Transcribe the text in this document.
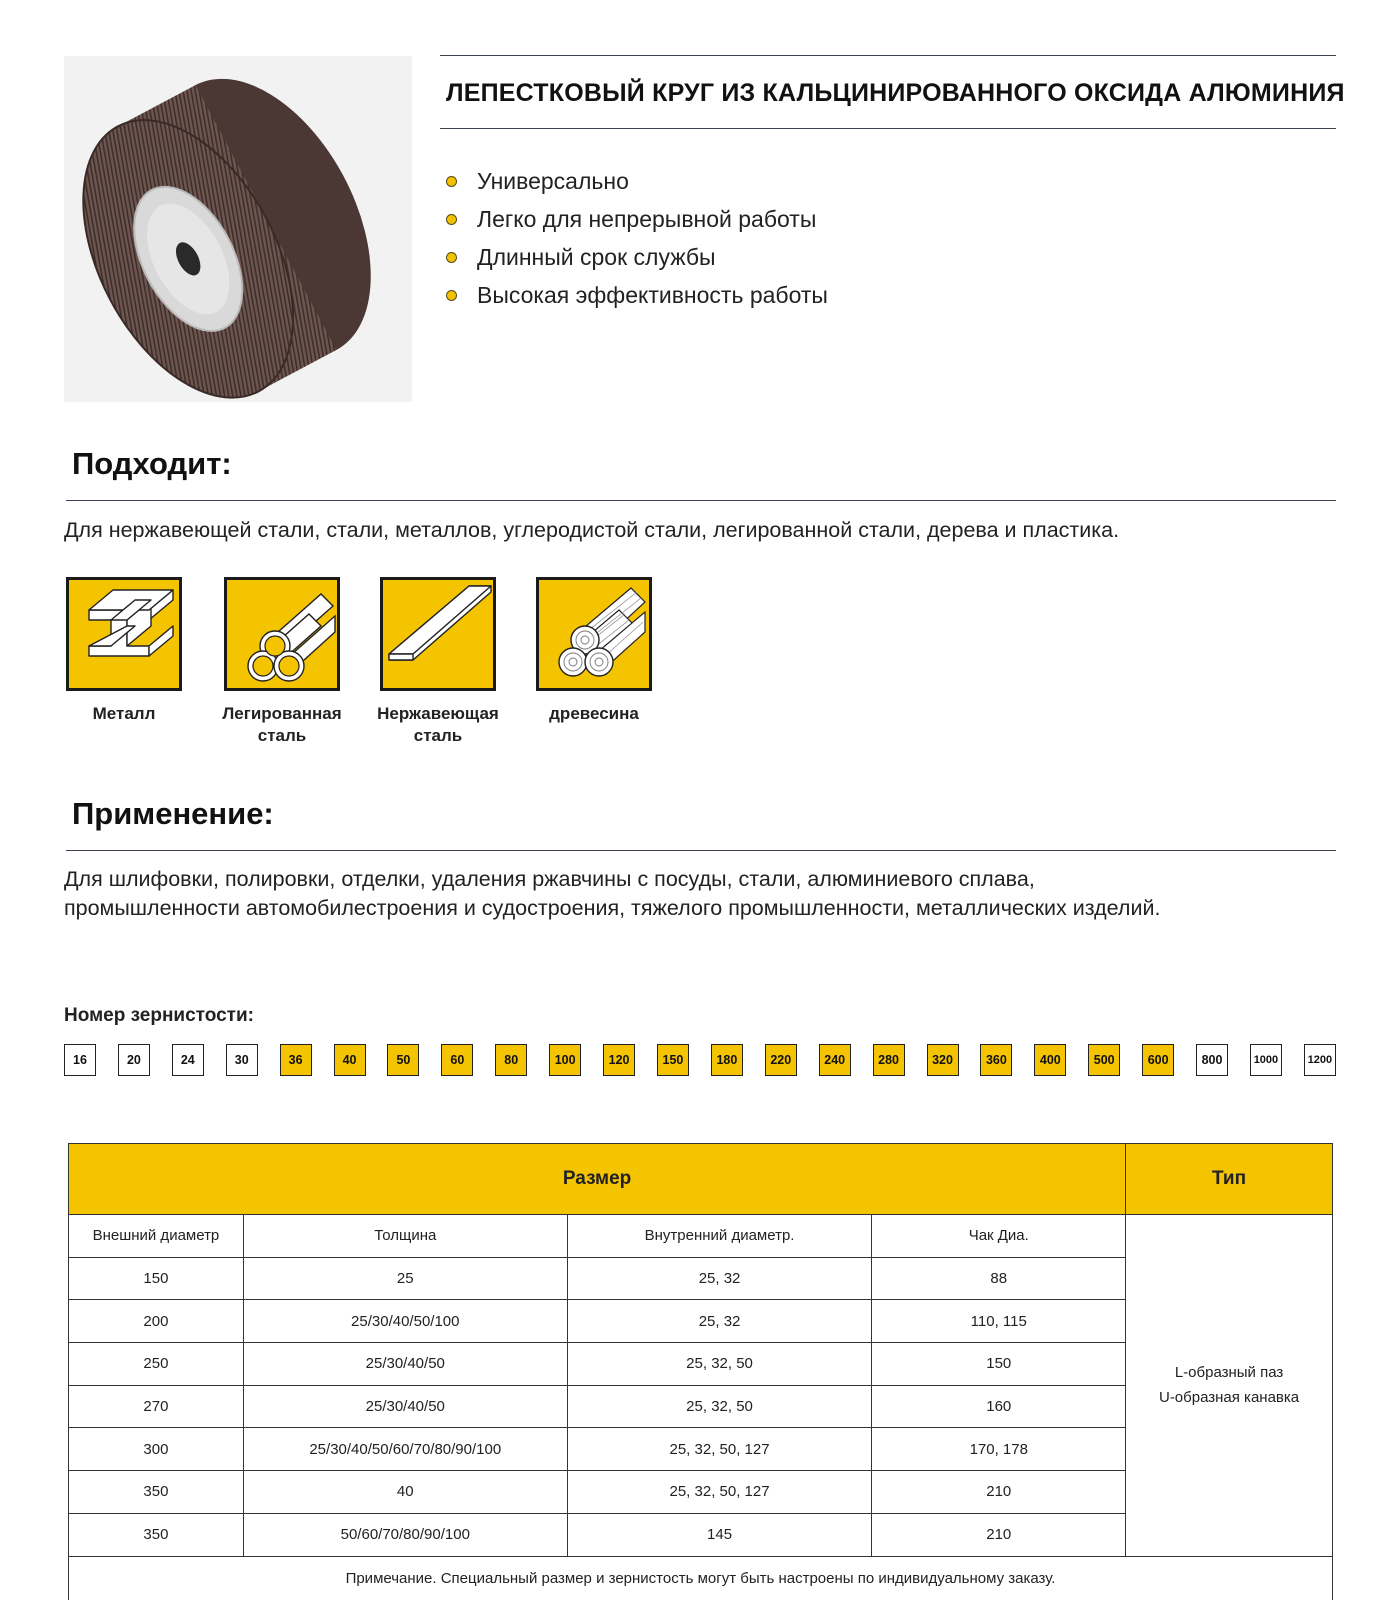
ЛЕПЕСТКОВЫЙ КРУГ ИЗ КАЛЬЦИНИРОВАННОГО ОКСИДА АЛЮМИНИЯ
Универсально
Легко для непрерывной работы
Длинный срок службы
Высокая эффективность работы
Подходит:
Для нержавеющей стали, стали, металлов, углеродистой стали, легированной стали, дерева и пластика.
Металл	Легированная
сталь
Нержавеющая
сталь
древесина

Применение:
Для шлифовки, полировки, отделки, удаления ржавчины с посуды, стали, алюминиевого сплава,
промышленности автомобилестроения и судостроения, тяжелого промышленности, металлических изделий.
Номер зернистости:
16	20	24	30	36	40	50	60	80	100	120	150	180	220	240	280	320	360	400	500	600	800	1000	1200
Размер				Тип
Внешний диаметр	Толщина	Внутренний диаметр.	Чак Диа.	L-образный паз
U-образная канавка

150	25	25, 32	88	
200	25/30/40/50/100	25, 32	110, 115	
250	25/30/40/50	25, 32, 50	150	
270	25/30/40/50	25, 32, 50	160	
300	25/30/40/50/60/70/80/90/100	25, 32, 50, 127	170, 178	
350	40	25, 32, 50, 127	210	
350	50/60/70/80/90/100	145	210	
Примечание. Специальный размер и зернистость могут быть настроены по индивидуальному заказу.				
